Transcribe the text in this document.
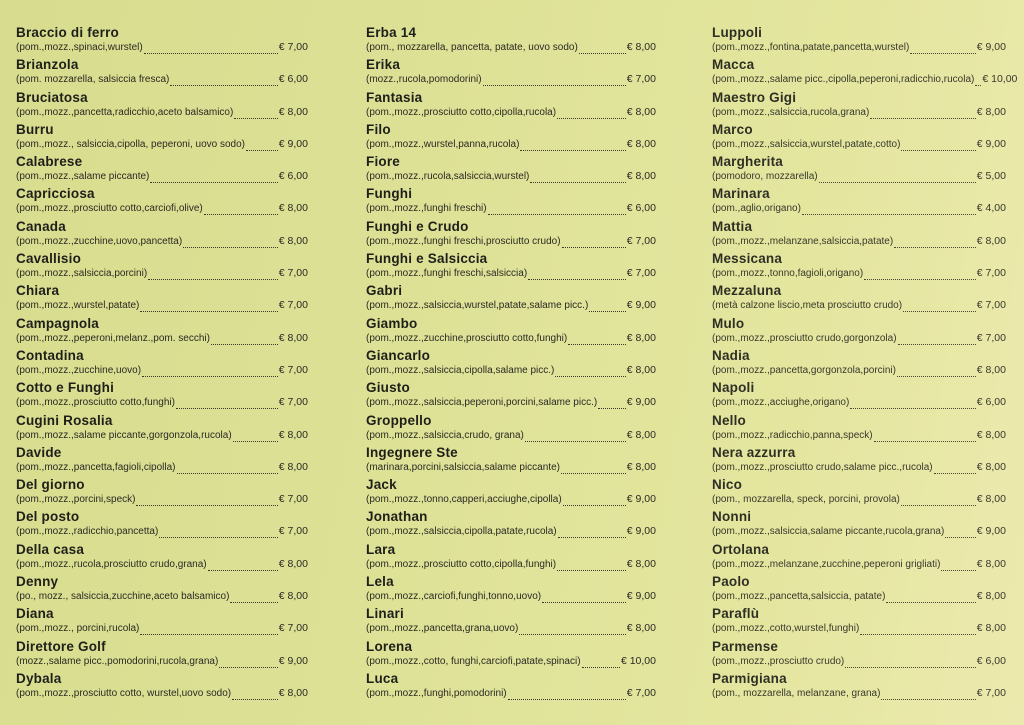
Braccio di ferro
(pom.,mozz.,spinaci,wurstel)	€ 7,00
Brianzola
(pom. mozzarella, salsiccia fresca)	€ 6,00
Bruciatosa
(pom.,mozz.,pancetta,radicchio,aceto balsamico)	€ 8,00
Burru
(pom.,mozz., salsiccia,cipolla, peperoni, uovo sodo)	€ 9,00
Calabrese
(pom.,mozz.,salame piccante)	€ 6,00
Capricciosa
(pom.,mozz.,prosciutto cotto,carciofi,olive)	€ 8,00
Canada
(pom.,mozz.,zucchine,uovo,pancetta)	€ 8,00
Cavallisio
(pom.,mozz.,salsiccia,porcini)	€ 7,00
Chiara
(pom.,mozz.,wurstel,patate)	€ 7,00
Campagnola
(pom.,mozz.,peperoni,melanz.,pom. secchi)	€ 8,00
Contadina
(pom.,mozz.,zucchine,uovo)	€ 7,00
Cotto e Funghi
(pom.,mozz.,prosciutto cotto,funghi)	€ 7,00
Cugini Rosalia
(pom.,mozz.,salame piccante,gorgonzola,rucola)	€ 8,00
Davide
(pom.,mozz.,pancetta,fagioli,cipolla)	€ 8,00
Del giorno
(pom.,mozz.,porcini,speck)	€ 7,00
Del posto
(pom.,mozz.,radicchio,pancetta)	€ 7,00
Della casa
(pom.,mozz.,rucola,prosciutto crudo,grana)	€ 8,00
Denny
(po., mozz., salsiccia,zucchine,aceto balsamico)	€ 8,00
Diana
(pom.,mozz., porcini,rucola)	€ 7,00
Direttore Golf
(mozz.,salame picc.,pomodorini,rucola,grana)	€ 9,00
Dybala
(pom.,mozz.,prosciutto cotto, wurstel,uovo sodo)	€ 8,00
Erba 14
(pom., mozzarella, pancetta, patate, uovo sodo)	€ 8,00
Erika
(mozz.,rucola,pomodorini)	€ 7,00
Fantasia
(pom.,mozz.,prosciutto cotto,cipolla,rucola)	€ 8,00
Filo
(pom.,mozz.,wurstel,panna,rucola)	€ 8,00
Fiore
(pom.,mozz.,rucola,salsiccia,wurstel)	€ 8,00
Funghi
(pom.,mozz.,funghi freschi)	€ 6,00
Funghi e Crudo
(pom.,mozz.,funghi freschi,prosciutto crudo)	€ 7,00
Funghi e Salsiccia
(pom.,mozz.,funghi freschi,salsiccia)	€ 7,00
Gabri
(pom.,mozz.,salsiccia,wurstel,patate,salame picc.)	€ 9,00
Giambo
(pom.,mozz.,zucchine,prosciutto cotto,funghi)	€ 8,00
Giancarlo
(pom.,mozz.,salsiccia,cipolla,salame picc.)	€ 8,00
Giusto
(pom.,mozz.,salsiccia,peperoni,porcini,salame picc.)	€ 9,00
Groppello
(pom.,mozz.,salsiccia,crudo, grana)	€ 8,00
Ingegnere Ste
(marinara,porcini,salsiccia,salame piccante)	€ 8,00
Jack
(pom.,mozz.,tonno,capperi,acciughe,cipolla)	€ 9,00
Jonathan
(pom.,mozz.,salsiccia,cipolla,patate,rucola)	€ 9,00
Lara
(pom.,mozz.,prosciutto cotto,cipolla,funghi)	€ 8,00
Lela
(pom.,mozz.,carciofi,funghi,tonno,uovo)	€ 9,00
Linari
(pom.,mozz.,pancetta,grana,uovo)	€ 8,00
Lorena
(pom.,mozz.,cotto, funghi,carciofi,patate,spinaci)	€ 10,00
Luca
(pom.,mozz.,funghi,pomodorini)	€ 7,00
Luppoli
(pom.,mozz.,fontina,patate,pancetta,wurstel)	€ 9,00
Macca
(pom.,mozz.,salame picc.,cipolla,peperoni,radicchio,rucola) € 10,00
Maestro Gigi
(pom.,mozz.,salsiccia,rucola,grana)	€ 8,00
Marco
(pom.,mozz.,salsiccia,wurstel,patate,cotto)	€ 9,00
Margherita
(pomodoro, mozzarella)	€ 5,00
Marinara
(pom.,aglio,origano)	€ 4,00
Mattia
(pom.,mozz.,melanzane,salsiccia,patate)	€ 8,00
Messicana
(pom.,mozz.,tonno,fagioli,origano)	€ 7,00
Mezzaluna
(metà calzone liscio,meta prosciutto crudo)	€ 7,00
Mulo
(pom.,mozz.,prosciutto crudo,gorgonzola)	€ 7,00
Nadia
(pom.,mozz.,pancetta,gorgonzola,porcini)	€ 8,00
Napoli
(pom.,mozz.,acciughe,origano)	€ 6,00
Nello
(pom.,mozz.,radicchio,panna,speck)	€ 8,00
Nera azzurra
(pom.,mozz.,prosciutto crudo,salame picc.,rucola)	€ 8,00
Nico
(pom., mozzarella, speck, porcini, provola)	€ 8,00
Nonni
(pom.,mozz.,salsiccia,salame piccante,rucola,grana)	€ 9,00
Ortolana
(pom.,mozz.,melanzane,zucchine,peperoni grigliati)	€ 8,00
Paolo
(pom.,mozz.,pancetta,salsiccia, patate)	€ 8,00
Paraflù
(pom.,mozz.,cotto,wurstel,funghi)	€ 8,00
Parmense
(pom.,mozz.,prosciutto crudo)	€ 6,00
Parmigiana
(pom., mozzarella, melanzane, grana)	€ 7,00
